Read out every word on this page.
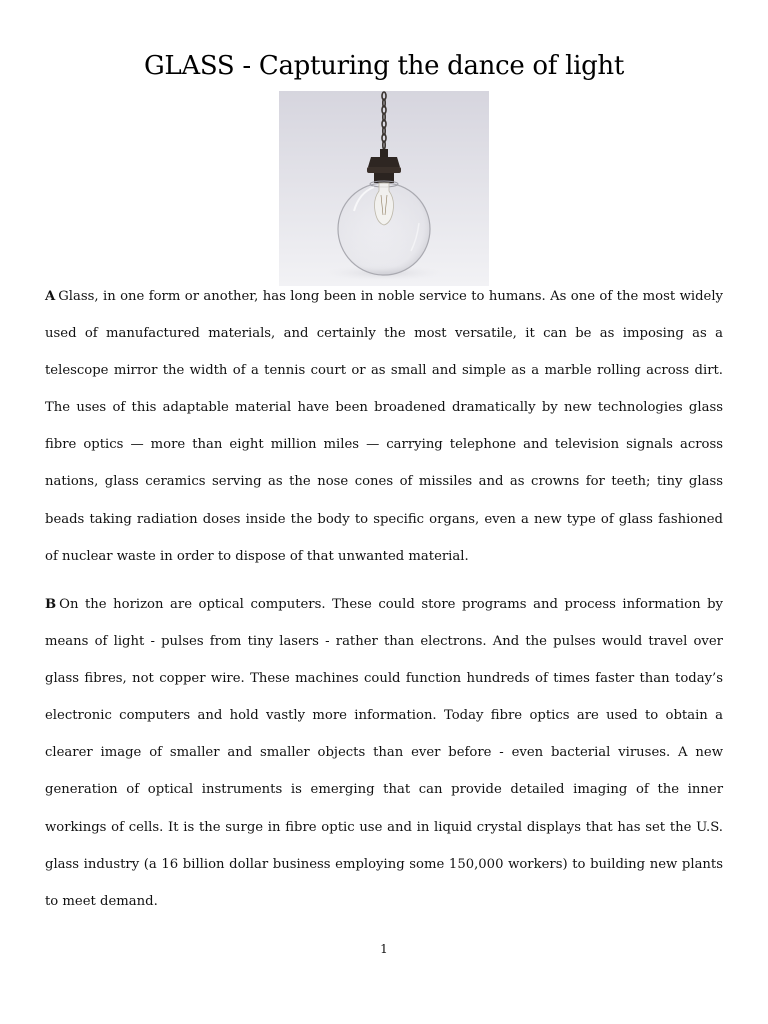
GLASS - Capturing the dance of light

A Glass, in one form or another, has long been in noble service to humans. As one of the most widely used of manufactured materials, and certainly the most versatile, it can be as imposing as a telescope mirror the width of a tennis court or as small and simple as a marble rolling across dirt. The uses of this adaptable material have been broadened dramatically by new technologies glass fibre optics — more than eight million miles — carrying telephone and television signals across nations, glass ceramics serving as the nose cones of missiles and as crowns for teeth; tiny glass beads taking radiation doses inside the body to specific organs, even a new type of glass fashioned of nuclear waste in order to dispose of that unwanted material.

B On the horizon are optical computers. These could store programs and process information by means of light - pulses from tiny lasers - rather than electrons. And the pulses would travel over glass fibres, not copper wire. These machines could function hundreds of times faster than today’s electronic computers and hold vastly more information. Today fibre optics are used to obtain a clearer image of smaller and smaller objects than ever before - even bacterial viruses. A new generation of optical instruments is emerging that can provide detailed imaging of the inner workings of cells. It is the surge in fibre optic use and in liquid crystal displays that has set the U.S. glass industry (a 16 billion dollar business employing some 150,000 workers) to building new plants to meet demand.

1
